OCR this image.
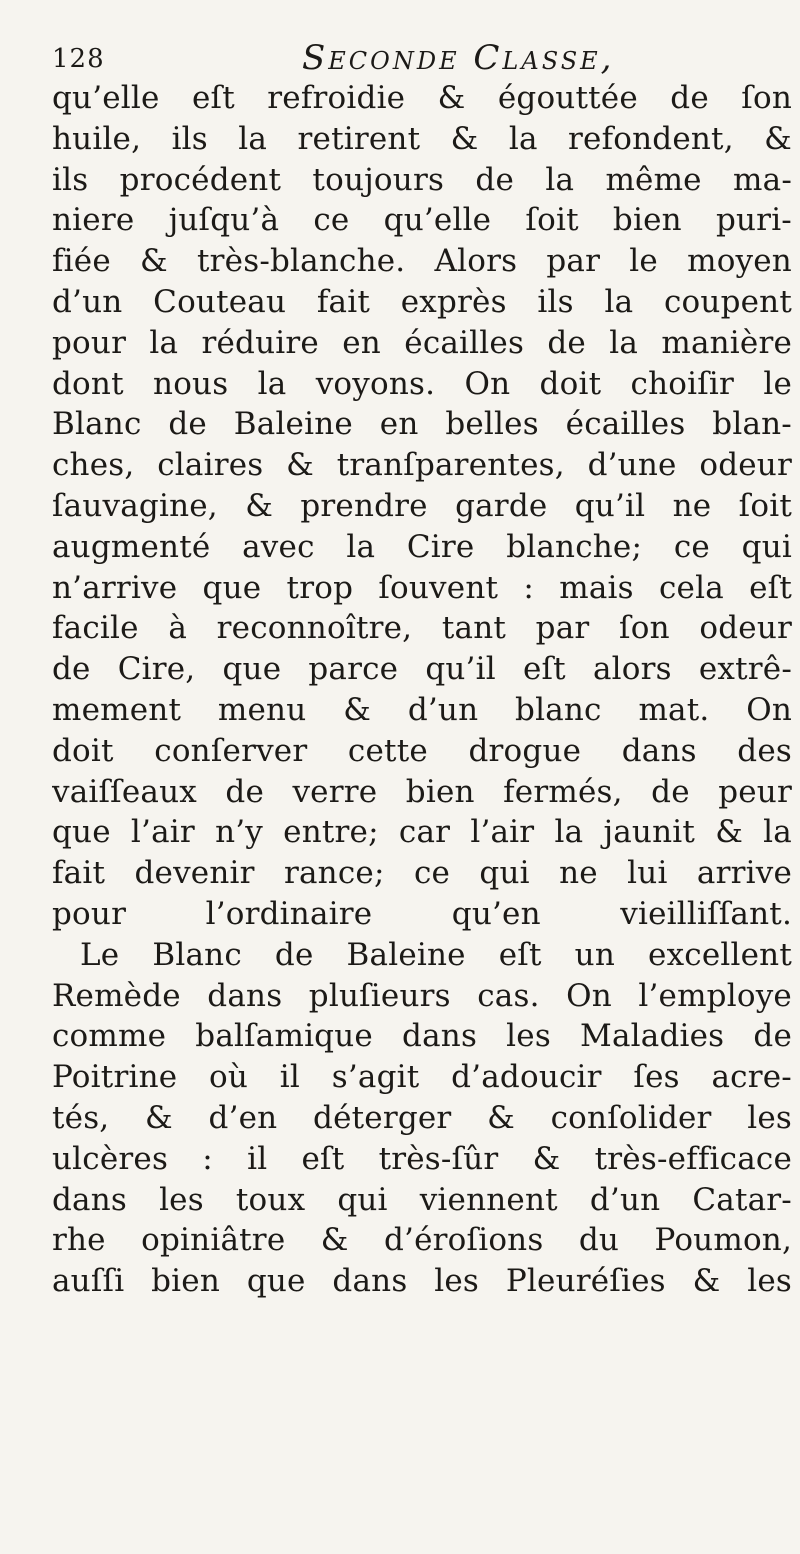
128	Seconde Classe,
qu’elle eſt refroidie & égouttée de ſon
huile, ils la retirent & la refondent, &
ils procédent toujours de la même ma-
niere juſqu’à ce qu’elle ſoit bien puri-
fiée & très-blanche. Alors par le moyen
d’un Couteau fait exprès ils la coupent
pour la réduire en écailles de la manière
dont nous la voyons. On doit choiſir le
Blanc de Baleine en belles écailles blan-
ches, claires & tranſparentes, d’une odeur
ſauvagine, & prendre garde qu’il ne ſoit
augmenté avec la Cire blanche; ce qui
n’arrive que trop ſouvent : mais cela eſt
facile à reconnoître, tant par ſon odeur
de Cire, que parce qu’il eſt alors extrê-
mement menu & d’un blanc mat. On
doit conſerver cette drogue dans des
vaiſſeaux de verre bien fermés, de peur
que l’air n’y entre; car l’air la jaunit & la
fait devenir rance; ce qui ne lui arrive
pour l’ordinaire qu’en vieilliſſant.
Le Blanc de Baleine eſt un excellent
Remède dans pluſieurs cas. On l’employe
comme balſamique dans les Maladies de
Poitrine où il s’agit d’adoucir ſes acre-
tés, & d’en déterger & conſolider les
ulcères : il eſt très-ſûr & très-efficace
dans les toux qui viennent d’un Catar-
rhe opiniâtre & d’éroſions du Poumon,
auſſi bien que dans les Pleuréſies & les
